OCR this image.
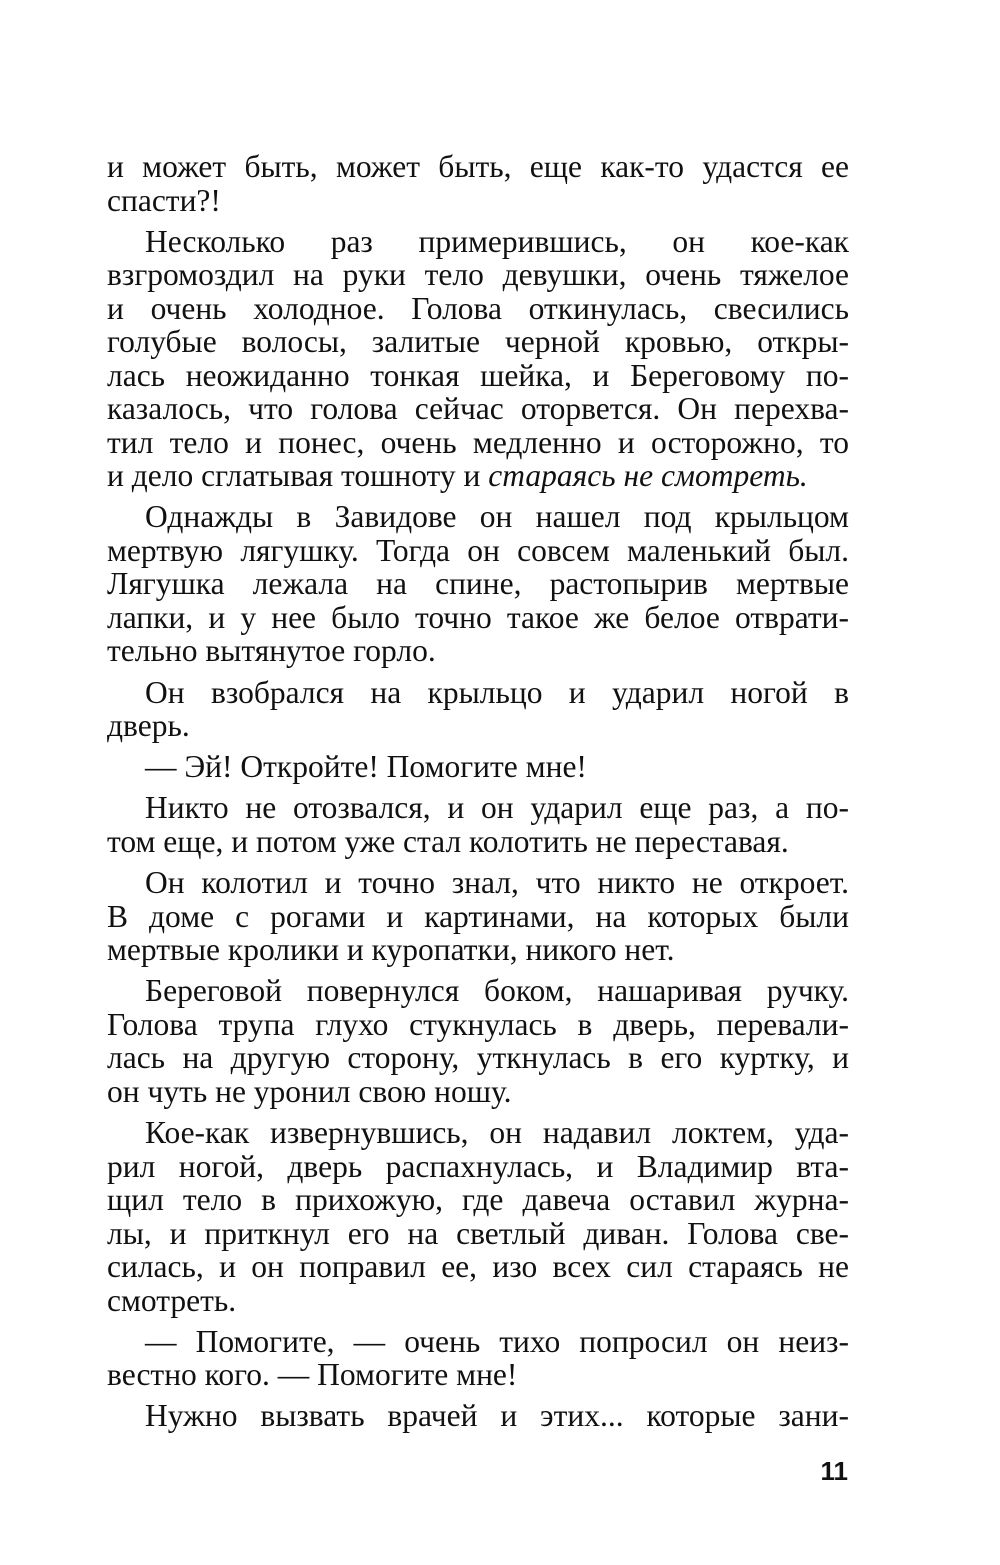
и может быть, может быть, еще как-то удастся ее
спасти?!
Несколько раз примерившись, он кое-как
взгромоздил на руки тело девушки, очень тяжелое
и очень холодное. Голова откинулась, свесились
голубые волосы, залитые черной кровью, откры-
лась неожиданно тонкая шейка, и Береговому по-
казалось, что голова сейчас оторвется. Он перехва-
тил тело и понес, очень медленно и осторожно, то
и дело сглатывая тошноту и стараясь не смотреть.
Однажды в Завидове он нашел под крыльцом
мертвую лягушку. Тогда он совсем маленький был.
Лягушка лежала на спине, растопырив мертвые
лапки, и у нее было точно такое же белое отврати-
тельно вытянутое горло.
Он взобрался на крыльцо и ударил ногой в
дверь.
— Эй! Откройте! Помогите мне!
Никто не отозвался, и он ударил еще раз, а по-
том еще, и потом уже стал колотить не переставая.
Он колотил и точно знал, что никто не откроет.
В доме с рогами и картинами, на которых были
мертвые кролики и куропатки, никого нет.
Береговой повернулся боком, нашаривая ручку.
Голова трупа глухо стукнулась в дверь, перевали-
лась на другую сторону, уткнулась в его куртку, и
он чуть не уронил свою ношу.
Кое-как извернувшись, он надавил локтем, уда-
рил ногой, дверь распахнулась, и Владимир вта-
щил тело в прихожую, где давеча оставил журна-
лы, и приткнул его на светлый диван. Голова све-
силась, и он поправил ее, изо всех сил стараясь не
смотреть.
— Помогите, — очень тихо попросил он неиз-
вестно кого. — Помогите мне!
Нужно вызвать врачей и этих... которые зани-
11
